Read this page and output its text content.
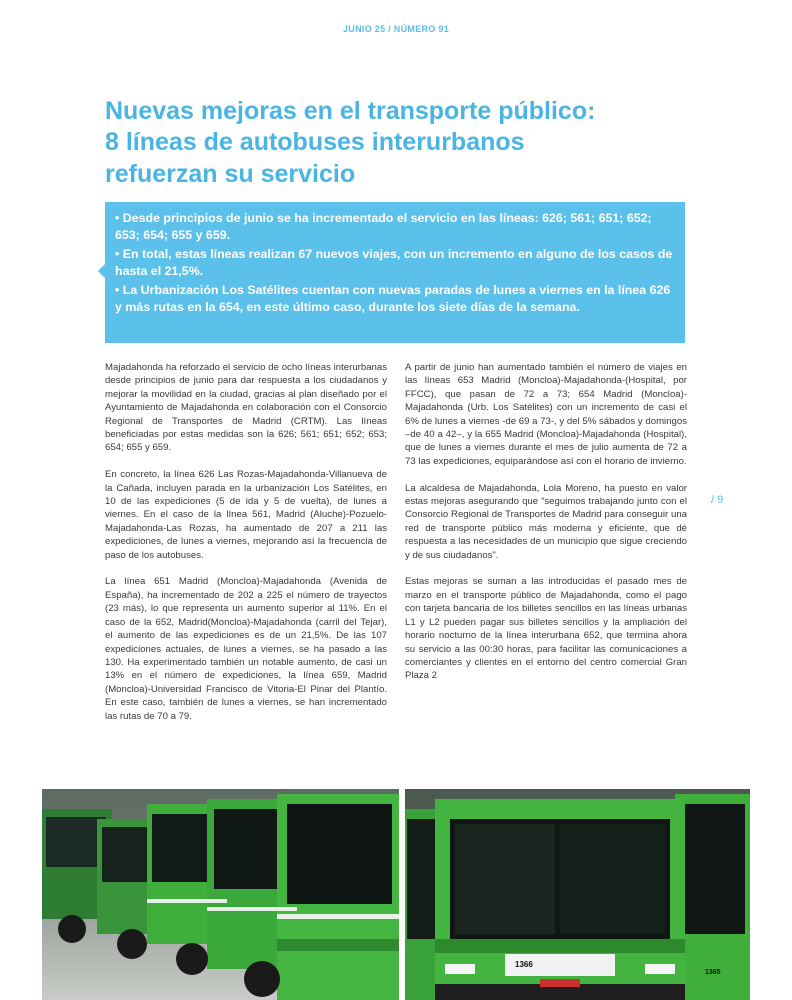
JUNIO 25 / NÚMERO 91
Nuevas mejoras en el transporte público:
8 líneas de autobuses interurbanos
refuerzan su servicio

• Desde principios de junio se ha incrementado el servicio en las líneas: 626; 561; 651; 652; 653; 654; 655 y 659.

• En total, estas líneas realizan 67 nuevos viajes, con un incremento en alguno de los casos de hasta el 21,5%.

• La Urbanización Los Satélites cuentan con nuevas paradas de lunes a viernes en la línea 626 y más rutas en la 654, en este último caso, durante los siete días de la semana.

Majadahonda ha reforzado el servicio de ocho líneas interurbanas desde principios de junio para dar respuesta a los ciudadanos y mejorar la movilidad en la ciudad, gracias al plan diseñado por el Ayuntamiento de Majadahonda en colaboración con el Consorcio Regional de Transportes de Madrid (CRTM). Las líneas beneficiadas por estas medidas son la 626; 561; 651; 652; 653; 654; 655 y 659.

En concreto, la línea 626 Las Rozas-Majadahonda-Villanueva de la Cañada, incluyen parada en la urbanización Los Satélites, en 10 de las expediciones (5 de ida y 5 de vuelta), de lunes a viernes. En el caso de la línea 561, Madrid (Aluche)-Pozuelo-Majadahonda-Las Rozas, ha aumentado de 207 a 211 las expediciones, de lunes a viernes, mejorando así la frecuencia de paso de los autobuses.

La línea 651 Madrid (Moncloa)-Majadahonda (Avenida de España), ha incrementado de 202 a 225 el número de trayectos (23 más), lo que representa un aumento superior al 11%. En el caso de la 652, Madrid(Moncloa)-Majadahonda (carril del Tejar), el aumento de las expediciones es de un 21,5%. De las 107 expediciones actuales, de lunes a viernes, se ha pasado a las 130. Ha experimentado también un notable aumento, de casi un 13% en el número de expediciones, la línea 659, Madrid (Moncloa)-Universidad Francisco de Vitoria-El Pinar del Plantío. En este caso, también de lunes a viernes, se han incrementado las rutas de 70 a 79.

A partir de junio han aumentado también el número de viajes en las líneas 653 Madrid (Moncloa)-Majadahonda-(Hospital, por FFCC), que pasan de 72 a 73; 654 Madrid (Moncloa)-Majadahonda (Urb. Los Satélites) con un incremento de casi el 6% de lunes a viernes -de 69 a 73-, y del 5% sábados y domingos –de 40 a 42–, y la 655 Madrid (Moncloa)-Majadahonda (Hospital), que de lunes a viernes durante el mes de julio aumenta de 72 a 73 las expediciones, equiparándose así con el horario de invierno.

La alcaldesa de Majadahonda, Lola Moreno, ha puesto en valor estas mejoras asegurando que “seguimos trabajando junto con el Consorcio Regional de Transportes de Madrid para conseguir una red de transporte público más moderna y eficiente, que dé respuesta a las necesidades de un municipio que sigue creciendo y de sus ciudadanos”.

Estas mejoras se suman a las introducidas el pasado mes de marzo en el transporte público de Majadahonda, como el pago con tarjeta bancaria de los billetes sencillos en las líneas urbanas L1 y L2 pueden pagar sus billetes sencillos y la ampliación del horario nocturno de la línea interurbana 652, que termina ahora su servicio a las 00:30 horas, para facilitar las comunicaciones a comerciantes y clientes en el entorno del centro comercial Gran Plaza 2

/ 9
1366
1365
